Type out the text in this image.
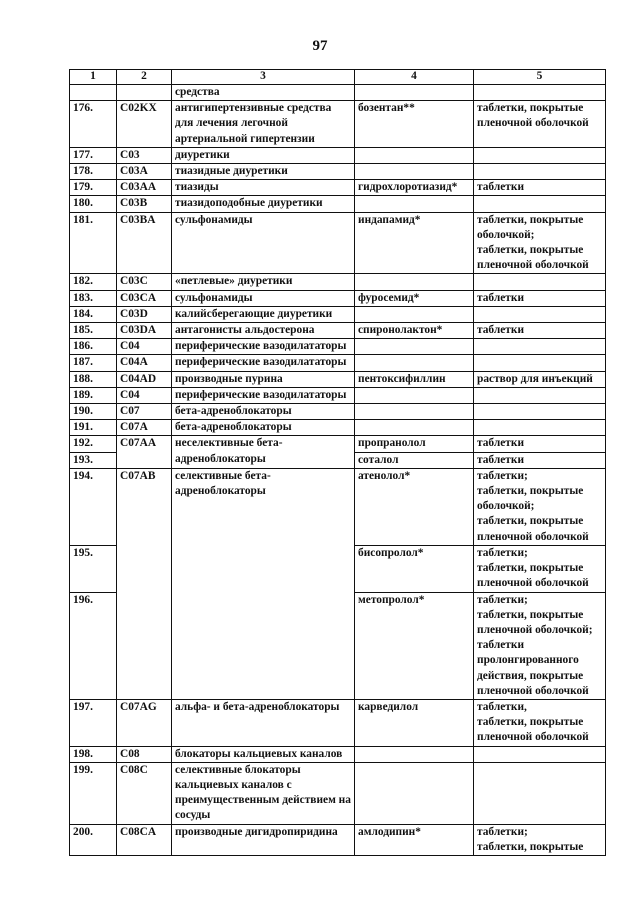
97
1	2	3	4	5
		средства		
176.	C02KX	антигипертензивные средства для лечения легочной артериальной гипертензии	бозентан**	таблетки, покрытые пленочной оболочкой
177.	C03	диуретики		
178.	C03A	тиазидные диуретики		
179.	C03AA	тиазиды	гидрохлоротиазид*	таблетки
180.	C03B	тиазидоподобные диуретики		
181.	C03BA	сульфонамиды	индапамид*	таблетки, покрытые оболочкой;
таблетки, покрытые пленочной оболочкой
182.	C03C	«петлевые» диуретики		
183.	C03CA	сульфонамиды	фуросемид*	таблетки
184.	C03D	калийсберегающие диуретики		
185.	C03DA	антагонисты альдостерона	спиронолактон*	таблетки
186.	C04	периферические вазодилататоры		
187.	C04A	периферические вазодилататоры		
188.	C04AD	производные пурина	пентоксифиллин	раствор для инъекций
189.	C04	периферические вазодилататоры		
190.	C07	бета-адреноблокаторы		
191.	C07A	бета-адреноблокаторы		
192.	C07AA	неселективные бета-адреноблокаторы	пропранолол	таблетки
193.			соталол	таблетки
194.	C07AB	селективные бета-адреноблокаторы	атенолол*	таблетки;
таблетки, покрытые оболочкой;
таблетки, покрытые пленочной оболочкой
195.			бисопролол*	таблетки;
таблетки, покрытые пленочной оболочкой
196.			метопролол*	таблетки;
таблетки, покрытые пленочной оболочкой;
таблетки пролонгированного действия, покрытые пленочной оболочкой
197.	C07AG	альфа- и бета-адреноблокаторы	карведилол	таблетки,
таблетки, покрытые пленочной оболочкой
198.	C08	блокаторы кальциевых каналов		
199.	C08C	селективные блокаторы кальциевых каналов с преимущественным действием на сосуды		
200.	C08CA	производные дигидропиридина	амлодипин*	таблетки;
таблетки, покрытые
